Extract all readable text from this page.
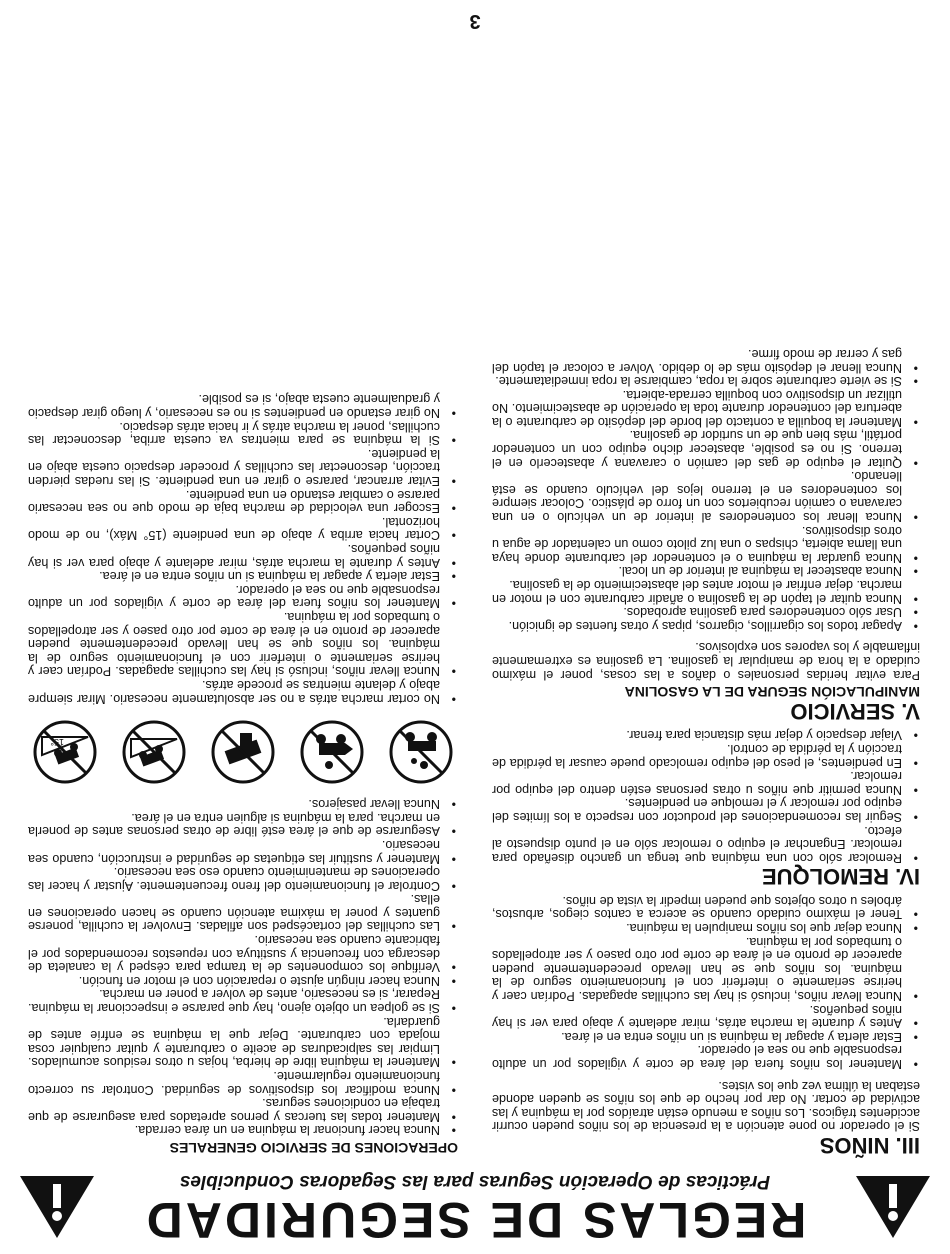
REGLAS DE SEGURIDAD
Prácticas de Operación Seguras para las Segadoras Conducibles
III. NIÑOS

Si el operador no pone atención a la presencia de los niños pueden ocurrir accidentes trágicos. Los niños a menudo están atraídos por la máquina y las actividad de cortar. No dar por hecho de que los niños se queden adonde estaban la última vez que los vistes.

• Mantener los niños fuera del área de corte y vigilados por un adulto responsable que no sea el operador.
• Estar alerta y apagar la máquina si un niños entra en el área.
• Antes y durante la marcha atrás, mirar adelante y abajo para ver si hay niños pequeños.
• Nunca llevar niños, inclusó si hay las cuchillas apagadas. Podrían caer y herirse seriamente o interferir con el funcionamiento seguro de la máquina. los niños que se han llevado precedentemente pueden aparecer de pronto en el área de corte por otro paseo y ser atropellados o tumbados por la máquina.
• Nunca dejar que los niños manipulen la máquina.
• Tener el máximo cuidado cuando se acerca a cantos ciegos, arbustos, árboles u otros objetos que pueden impedir la vista de niños.
IV. REMOLQUE
• Remolcar sólo con una máquina que tenga un gancho diseñado para remolcar. Enganchar el equipo o remolcar sólo en el punto dispuesto al efecto.
• Seguir las recomendaciones del productor con respecto a los límites del equipo por remolcar y el remolque en pendientes.
• Nunca permitir que niños u otras personas estén dentro del equipo por remolcar.
• En pendientes, el peso del equipo remolcado puede causar la pérdida de tracción y la pérdida de control.
• Viajar despacio y dejar más distancia para frenar.
V. SERVICIO
MANIPULACIÓN SEGURA DE LA GASOLINA

Para evitar heridas personales o daños a las cosas, poner el máximo cuidado a la hora de manipular la gasolina. La gasolina es extremamente inflamable y los vapores son explosivos.

• Apagar todos los cigarrillos, cigarros, pipas y otras fuentes de ignición.
• Usar sólo contenedores para gasolina aprobados.
• Nunca quitar el tapón de la gasolina o añadir carburante con el motor en marcha. dejar enfriar el motor antes del abastecimiento de la gasolina.
• Nunca abastecer la máquina al interior de un local.
• Nunca guardar la máquina o el contenedor del carburante donde haya una llama abierta, chispas o una luz piloto como un calentador de agua u otros dispositivos.
• Nunca llenar los contenedores al interior de un vehículo o en una caravana o camión recubiertos con un forro de plástico. Colocar siempre los contenedores en el terreno lejos del vehículo cuando se está llenando.
• Quitar el equipo de gas del camión o caravana y abastecerlo en el terreno. Si no es posible, abastecer dicho equipo con un contenedor portátil, más bien que de un surtidor de gasolina.
• Mantener la boquilla a contacto del borde del depósito de carburante o la abertura del contenedor durante toda la operación de abastecimiento. No utilizar un dispositivo con boquilla cerrada-abierta.
• Si se vierte carburante sobre la ropa, cambiarse la ropa inmediatamente.
• Nunca llenar el depósito más de lo debido. Volver a colocar el tapón del gas y cerrar de modo firme.
OPERACIONES DE SERVICIO GENERALES
• Nunca hacer funcionar la máquina en un área cerrada.
• Mantener todas las tuercas y pernos apretados para asegurarse de que trabaja en condiciones seguras.
• Nunca modificar los dispositivos de seguridad. Controlar su correcto funcionamiento regularmente.
• Mantener la máquina libre de hierba, hojas u otros residuos acumulados. Limpiar las salpicaduras de aceite o carburante y quitar cualquier cosa mojada con carburante. Dejar que la máquina se enfríe antes de guardarla.
• Si se golpea un objeto ajeno, hay que pararse e inspeccionar la máquina. Reparar, si es necesario, antes de volver a poner en marcha.
• Nunca hacer ningún ajuste o reparación con el motor en función.
• Verifique los componentes de la trampa para césped y la canaleta de descarga con frecuencia y sustituya con repuestos recomendados por el fabricante cuando sea necesario.
• Las cuchillas del cortacésped son afiladas. Envolver la cuchilla, ponerse guantes y poner la máxima atención cuando se hacen operaciones en ellas.
• Controlar el funcionamiento del freno frecuentemente. Ajustar y hacer las operaciones de mantenimiento cuando eso sea necesario.
• Mantener y sustituir las etiquetas de seguridad e instrucción, cuando sea necesario.
• Asegurarse de que el área esté libre de otras personas antes de ponerla en marcha. para la máquina si alguien entra en el área.
• Nunca llevar pasajeros.
15°
• No cortar marcha atrás a no ser absolutamente necesario. Mirar siempre abajo y delante mientras se procede atrás.
• Nunca llevar niños, inclusó si hay las cuchillas apagadas. Podrían caer y herirse seriamente o interferir con el funcionamiento seguro de la máquina. los niños que se han llevado precedentemente pueden aparecer de pronto en el área de corte por otro paseo y ser atropellados o tumbados por la máquina.
• Mantener los niños fuera del área de corte y vigilados por un adulto responsable que no sea el operador.
• Estar alerta y apagar la máquina si un niños entra en el área.
• Antes y durante la marcha atrás, mirar adelante y abajo para ver si hay niños pequeños.
• Cortar hacia arriba y abajo de una pendiente (15° Máx), no de modo horizontal.
• Escoger una velocidad de marcha baja de modo que no sea necesario pararse o cambiar estando en una pendiente.
• Evitar arrancar, pararse o girar en una pendiente. Si las ruedas pierden tracción, desconectar las cuchillas y proceder despacio cuesta abajo en la pendiente.
• Si la máquina se para mientras va cuesta arriba, desconectar las cuchillas, poner la marcha atrás y ir hacia atrás despacio.
• No girar estando en pendientes si no es necesario, y luego girar despacio y gradualmente cuesta abajo, si es posible.
3
